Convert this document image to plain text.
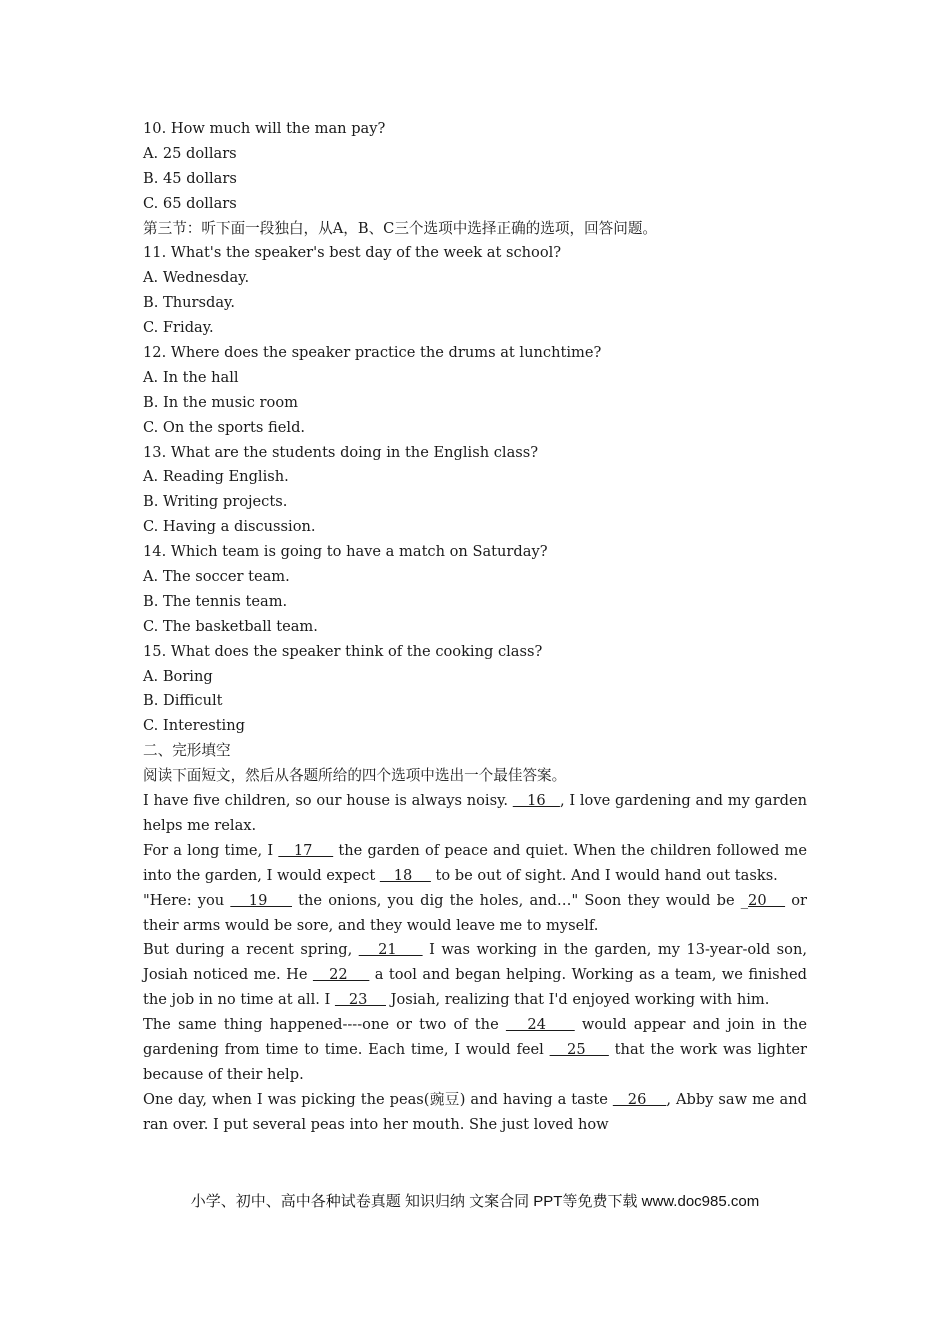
10. How much will the man pay?
A. 25 dollars
B. 45 dollars
C. 65 dollars
第三节：听下面一段独白，从A，B、C三个选项中选择正确的选项，回答问题。
11. What's the speaker's best day of the week at school?
A. Wednesday.
B. Thursday.
C. Friday.
12. Where does the speaker practice the drums at lunchtime?
A. In the hall
B. In the music room
C. On the sports field.
13. What are the students doing in the English class?
A. Reading English.
B. Writing projects.
C. Having a discussion.
14. Which team is going to have a match on Saturday?
A. The soccer team.
B. The tennis team.
C. The basketball team.
15. What does the speaker think of the cooking class?
A. Boring
B. Difficult
C. Interesting
二、完形填空
阅读下面短文，然后从各题所给的四个选项中选出一个最佳答案。
I have five children, so our house is always noisy.    16   , I love gardening and my garden helps me relax.
For a long time, I    17     the garden of peace and quiet. When the children followed me into the garden, I would expect    18     to be out of sight. And I would hand out tasks.
"Here: you    19     the onions, you dig the holes, and…" Soon they would be _20    or their arms would be sore, and they would leave me to myself.
But during a recent spring,    21     I was working in the garden, my 13-year-old son, Josiah noticed me. He    22     a tool and began helping. Working as a team, we finished the job in no time at all. I    23     Josiah, realizing that I'd enjoyed working with him.
The same thing happened----one or two of the    24     would appear and join in the gardening from time to time. Each time, I would feel    25     that the work was lighter because of their help.
One day, when I was picking the peas(豌豆) and having a taste    26    , Abby saw me and ran over. I put several peas into her mouth. She just loved how
小学、初中、高中各种试卷真题 知识归纳 文案合同 PPT等免费下载 www.doc985.com
